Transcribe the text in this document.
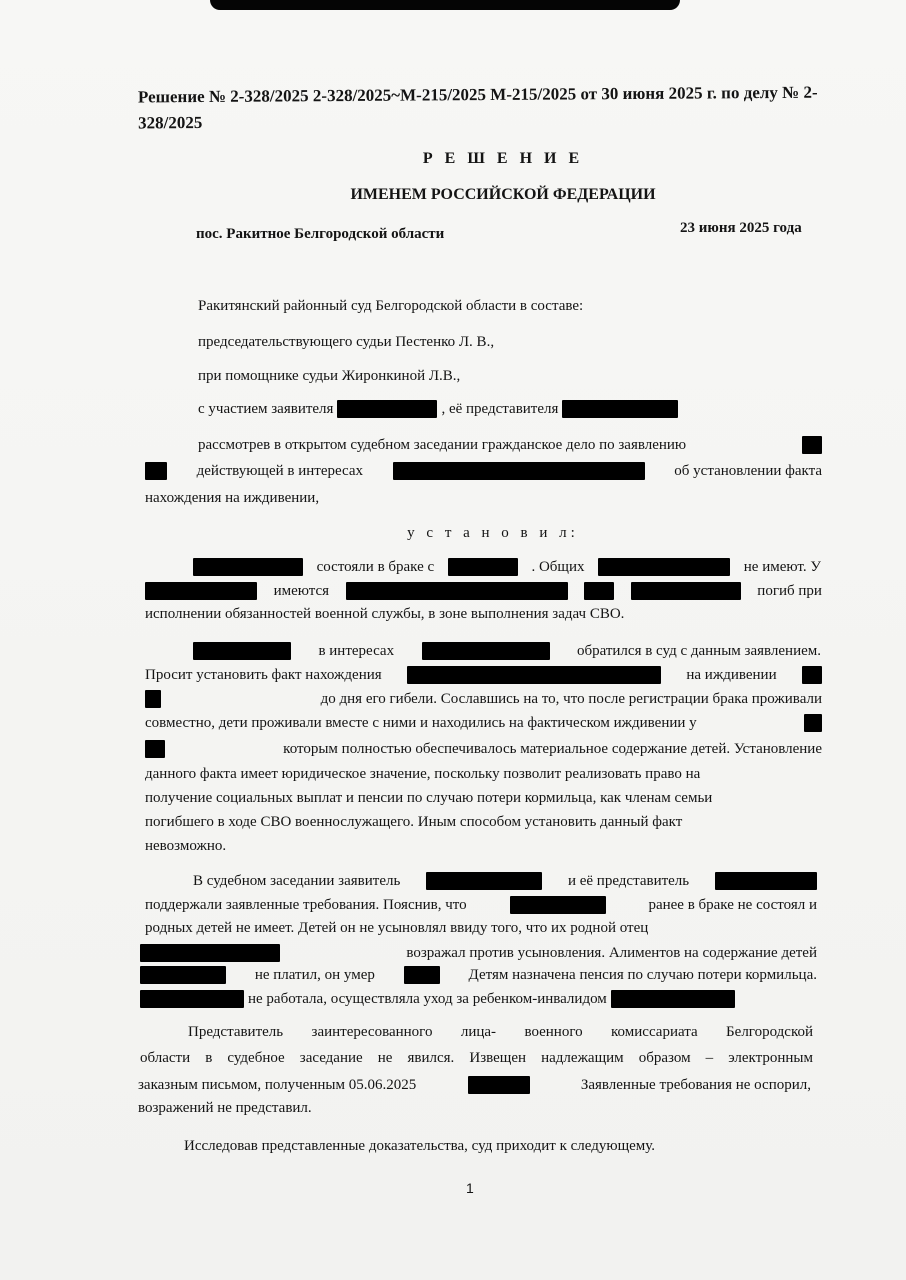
Решение № 2-328/2025 2-328/2025~М-215/2025 М-215/2025 от 30 июня 2025 г. по делу № 2-328/2025
Р Е Ш Е Н И Е
ИМЕНЕМ РОССИЙСКОЙ ФЕДЕРАЦИИ
пос. Ракитное Белгородской области	23 июня 2025 года
Ракитянский районный суд Белгородской области в составе:
председательствующего судьи Пестенко Л. В.,
при помощнике судьи Жиронкиной Л.В.,
с участием заявителя	, её представителя
рассмотрев в открытом судебном заседании гражданское дело по заявлению
действующей в интересах	об установлении факта
нахождения на иждивении,
у с т а н о в и л:
состояли в браке с	. Общих	не имеют. У
имеются	погиб при
исполнении обязанностей военной службы, в зоне выполнения задач СВО.
в интересах	обратился в суд с данным заявлением.
Просит установить факт нахождения	на иждивении
до дня его гибели. Сославшись на то, что после регистрации брака проживали
совместно, дети проживали вместе с ними и находились на фактическом иждивении у
которым полностью обеспечивалось материальное содержание детей. Установление
данного факта имеет юридическое значение, поскольку позволит реализовать право на
получение социальных выплат и пенсии по случаю потери кормильца, как членам семьи
погибшего в ходе СВО военнослужащего. Иным способом установить данный факт
невозможно.
В судебном заседании заявитель	и её представитель
поддержали заявленные требования. Пояснив, что	ранее в браке не состоял и
родных детей не имеет. Детей он не усыновлял ввиду того, что их родной отец
возражал против усыновления. Алиментов на содержание детей
не платил, он умер	Детям назначена пенсия по случаю потери кормильца.
не работала, осуществляла уход за ребенком-инвалидом
Представитель заинтересованного лица- военного комиссариата Белгородской
области в судебное заседание не явился. Извещен надлежащим образом – электронным
заказным письмом, полученным 05.06.2025	Заявленные требования не оспорил,
возражений не представил.
Исследовав представленные доказательства, суд приходит к следующему.
1
